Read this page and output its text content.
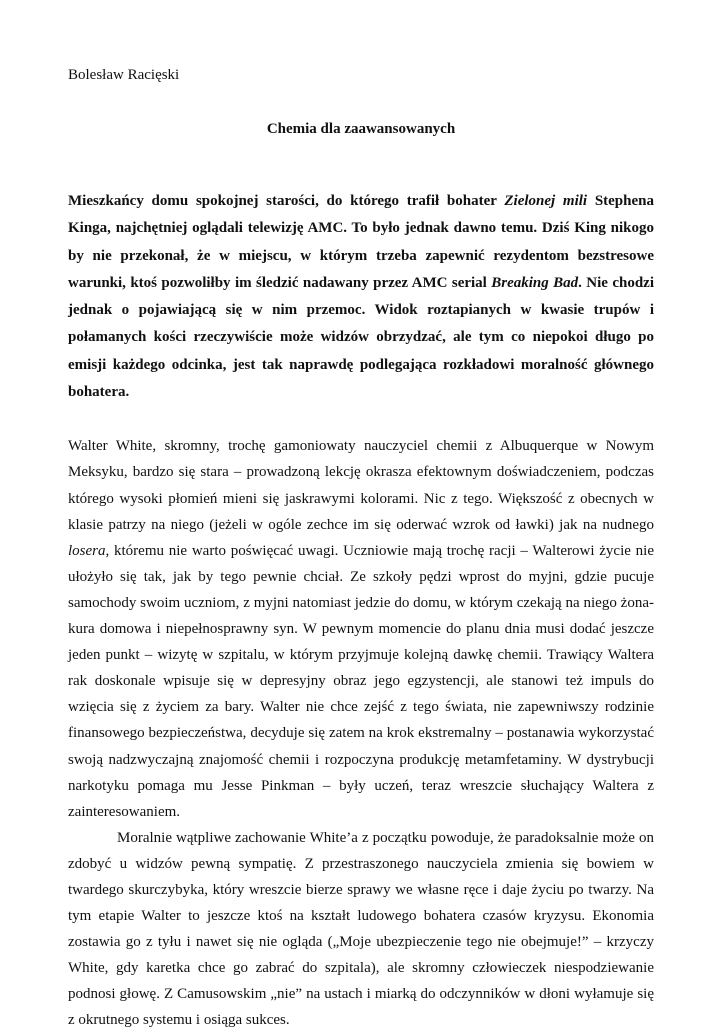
Bolesław Racięski

Chemia dla zaawansowanych

Mieszkańcy domu spokojnej starości, do którego trafił bohater Zielonej mili Stephena Kinga, najchętniej oglądali telewizję AMC. To było jednak dawno temu. Dziś King nikogo by nie przekonał, że w miejscu, w którym trzeba zapewnić rezydentom bezstresowe warunki, ktoś pozwoliłby im śledzić nadawany przez AMC serial Breaking Bad. Nie chodzi jednak o pojawiającą się w nim przemoc. Widok roztapianych w kwasie trupów i połamanych kości rzeczywiście może widzów obrzydzać, ale tym co niepokoi długo po emisji każdego odcinka, jest tak naprawdę podlegająca rozkładowi moralność głównego bohatera.

Walter White, skromny, trochę gamoniowaty nauczyciel chemii z Albuquerque w Nowym Meksyku, bardzo się stara – prowadzoną lekcję okrasza efektownym doświadczeniem, podczas którego wysoki płomień mieni się jaskrawymi kolorami. Nic z tego. Większość z obecnych w klasie patrzy na niego (jeżeli w ogóle zechce im się oderwać wzrok od ławki) jak na nudnego losera, któremu nie warto poświęcać uwagi. Uczniowie mają trochę racji – Walterowi życie nie ułożyło się tak, jak by tego pewnie chciał. Ze szkoły pędzi wprost do myjni, gdzie pucuje samochody swoim uczniom, z myjni natomiast jedzie do domu, w którym czekają na niego żona-kura domowa i niepełnosprawny syn. W pewnym momencie do planu dnia musi dodać jeszcze jeden punkt – wizytę w szpitalu, w którym przyjmuje kolejną dawkę chemii. Trawiący Waltera rak doskonale wpisuje się w depresyjny obraz jego egzystencji, ale stanowi też impuls do wzięcia się z życiem za bary. Walter nie chce zejść z tego świata, nie zapewniwszy rodzinie finansowego bezpieczeństwa, decyduje się zatem na krok ekstremalny – postanawia wykorzystać swoją nadzwyczajną znajomość chemii i rozpoczyna produkcję metamfetaminy. W dystrybucji narkotyku pomaga mu Jesse Pinkman – były uczeń, teraz wreszcie słuchający Waltera z zainteresowaniem.

Moralnie wątpliwe zachowanie White’a z początku powoduje, że paradoksalnie może on zdobyć u widzów pewną sympatię. Z przestraszonego nauczyciela zmienia się bowiem w twardego skurczybyka, który wreszcie bierze sprawy we własne ręce i daje życiu po twarzy. Na tym etapie Walter to jeszcze ktoś na kształt ludowego bohatera czasów kryzysu. Ekonomia zostawia go z tyłu i nawet się nie ogląda („Moje ubezpieczenie tego nie obejmuje!” – krzyczy White, gdy karetka chce go zabrać do szpitala), ale skromny człowieczek niespodziewanie podnosi głowę. Z Camusowskim „nie” na ustach i miarką do odczynników w dłoni wyłamuje się z okrutnego systemu i osiąga sukces.
